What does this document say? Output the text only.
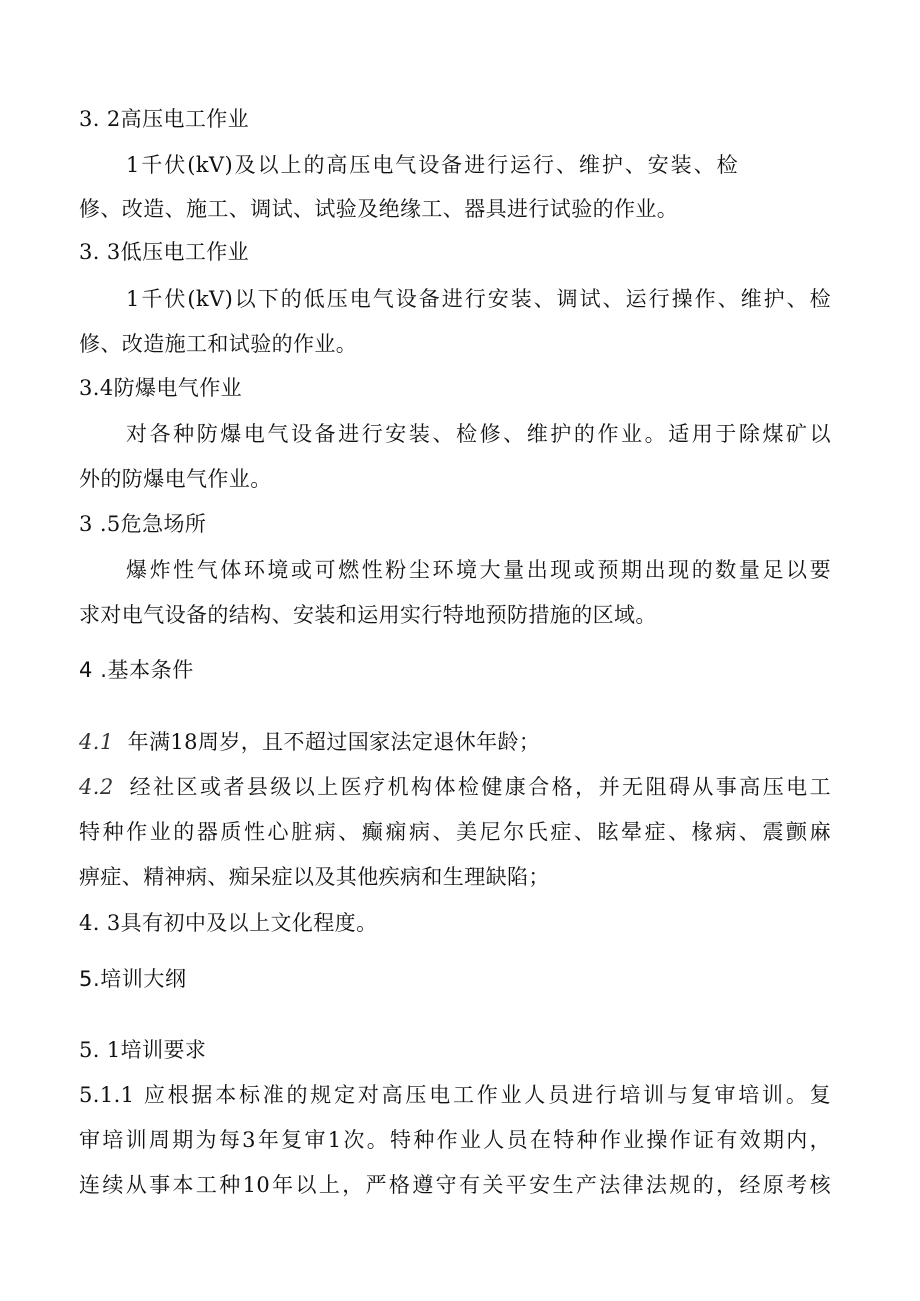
3. 2高压电工作业
1千伏(kV)及以上的高压电气设备进行运行、维护、安装、检
修、改造、施工、调试、试验及绝缘工、器具进行试验的作业。
3. 3低压电工作业
1千伏(kV)以下的低压电气设备进行安装、调试、运行操作、维护、检
修、改造施工和试验的作业。
3.4防爆电气作业
对各种防爆电气设备进行安装、检修、维护的作业。适用于除煤矿以
外的防爆电气作业。
3 .5危急场所
爆炸性气体环境或可燃性粉尘环境大量出现或预期出现的数量足以要
求对电气设备的结构、安装和运用实行特地预防措施的区域。
4 .基本条件
4.1 年满18周岁，且不超过国家法定退休年龄；
4.2 经社区或者县级以上医疗机构体检健康合格，并无阻碍从事高压电工
特种作业的器质性心脏病、癫痫病、美尼尔氏症、眩晕症、椽病、震颤麻
痹症、精神病、痴呆症以及其他疾病和生理缺陷；
4. 3具有初中及以上文化程度。
5.培训大纲
5. 1培训要求
5.1.1 应根据本标准的规定对高压电工作业人员进行培训与复审培训。复
审培训周期为每3年复审1次。特种作业人员在特种作业操作证有效期内，
连续从事本工种10年以上，严格遵守有关平安生产法律法规的，经原考核
